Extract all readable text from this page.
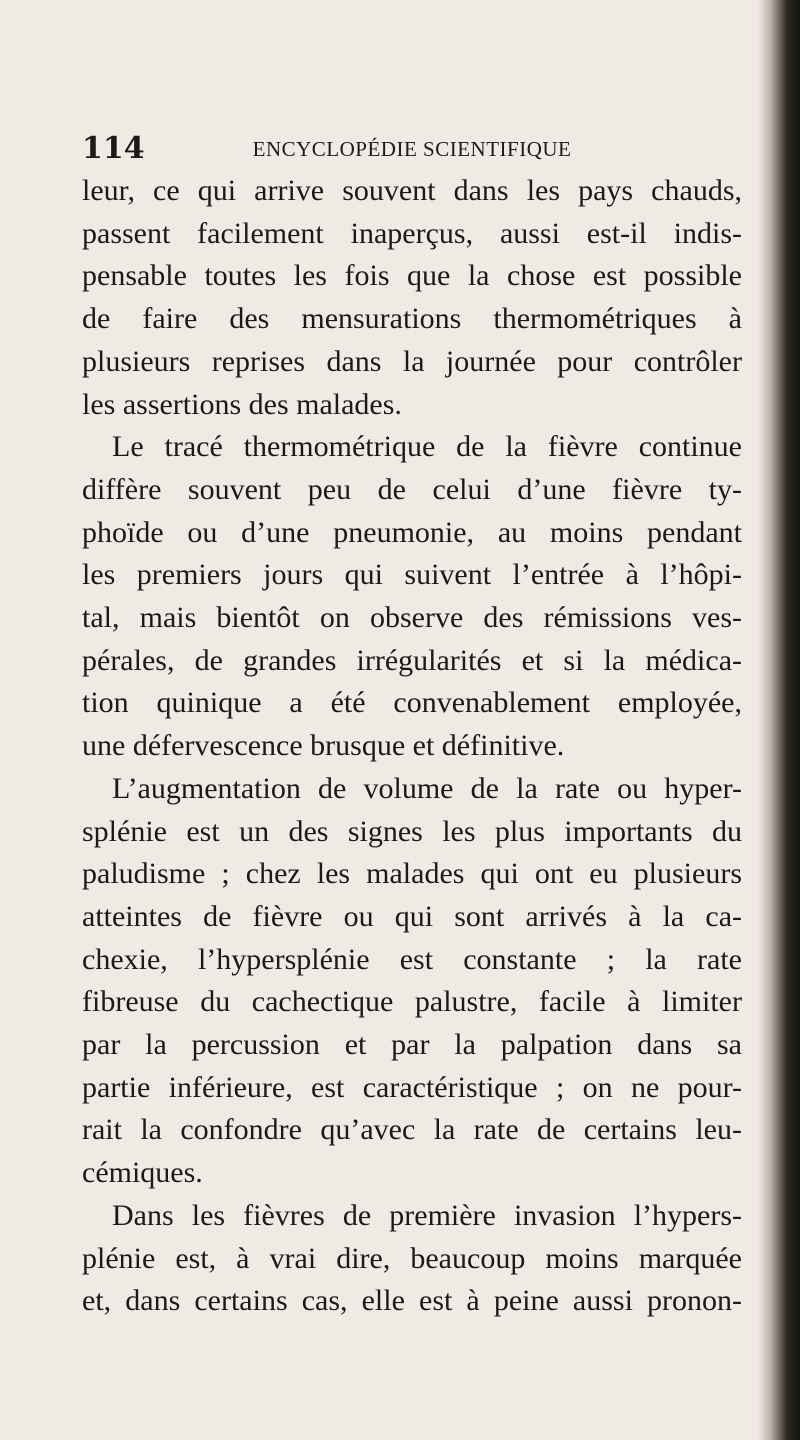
114	ENCYCLOPÉDIE SCIENTIFIQUE
leur, ce qui arrive souvent dans les pays chauds,
passent facilement inaperçus, aussi est-il indis-
pensable toutes les fois que la chose est possible
de faire des mensurations thermométriques à
plusieurs reprises dans la journée pour contrôler
les assertions des malades.
Le tracé thermométrique de la fièvre continue
diffère souvent peu de celui d’une fièvre ty-
phoïde ou d’une pneumonie, au moins pendant
les premiers jours qui suivent l’entrée à l’hôpi-
tal, mais bientôt on observe des rémissions ves-
pérales, de grandes irrégularités et si la médica-
tion quinique a été convenablement employée,
une défervescence brusque et définitive.
L’augmentation de volume de la rate ou hyper-
splénie est un des signes les plus importants du
paludisme ; chez les malades qui ont eu plusieurs
atteintes de fièvre ou qui sont arrivés à la ca-
chexie, l’hypersplénie est constante ; la rate
fibreuse du cachectique palustre, facile à limiter
par la percussion et par la palpation dans sa
partie inférieure, est caractéristique ; on ne pour-
rait la confondre qu’avec la rate de certains leu-
cémiques.
Dans les fièvres de première invasion l’hypers-
plénie est, à vrai dire, beaucoup moins marquée
et, dans certains cas, elle est à peine aussi pronon-
